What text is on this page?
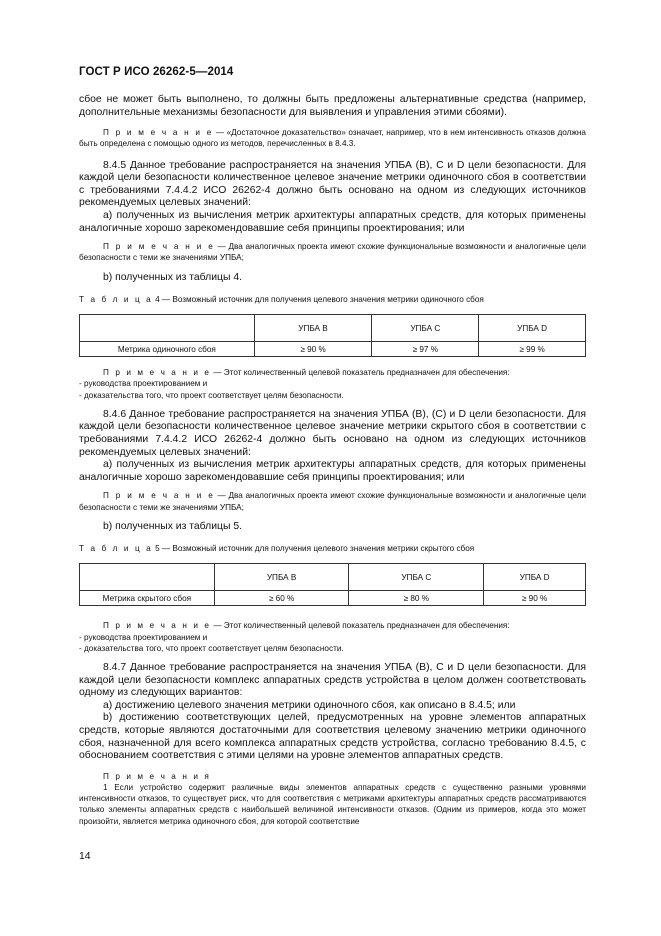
ГОСТ Р ИСО 26262-5—2014

сбое не может быть выполнено, то должны быть предложены альтернативные средства (например, дополнительные механизмы безопасности для выявления и управления этими сбоями).

П р и м е ч а н и е — «Достаточное доказательство» означает, например, что в нем интенсивность отказов должна быть определена с помощью одного из методов, перечисленных в 8.4.3.

8.4.5 Данное требование распространяется на значения УПБА (В), С и D цели безопасности. Для каждой цели безопасности количественное целевое значение метрики одиночного сбоя в соответствии с требованиями 7.4.4.2 ИСО 26262-4 должно быть основано на одном из следующих источников рекомендуемых целевых значений:

a) полученных из вычисления метрик архитектуры аппаратных средств, для которых применены аналогичные хорошо зарекомендовавшие себя принципы проектирования; или

П р и м е ч а н и е — Два аналогичных проекта имеют схожие функциональные возможности и аналогичные цели безопасности с теми же значениями УПБА;

b) полученных из таблицы 4.

Т а б л и ц а 4 — Возможный источник для получения целевого значения метрики одиночного сбоя
	УПБА В	УПБА С	УПБА D
Метрика одиночного сбоя	≥ 90 %	≥ 97 %	≥ 99 %

П р и м е ч а н и е — Этот количественный целевой показатель предназначен для обеспечения:

- руководства проектированием и

- доказательства того, что проект соответствует целям безопасности.

8.4.6 Данное требование распространяется на значения УПБА (В), (С) и D цели безопасности. Для каждой цели безопасности количественное целевое значение метрики скрытого сбоя в соответствии с требованиями 7.4.4.2 ИСО 26262-4 должно быть основано на одном из следующих источников рекомендуемых целевых значений:

a) полученных из вычисления метрик архитектуры аппаратных средств, для которых применены аналогичные хорошо зарекомендовавшие себя принципы проектирования; или

П р и м е ч а н и е — Два аналогичных проекта имеют схожие функциональные возможности и аналогичные цели безопасности с теми же значениями УПБА;

b) полученных из таблицы 5.

Т а б л и ц а 5 — Возможный источник для получения целевого значения метрики скрытого сбоя
	УПБА В	УПБА С	УПБА D
Метрика скрытого сбоя	≥ 60 %	≥ 80 %	≥ 90 %

П р и м е ч а н и е — Этот количественный целевой показатель предназначен для обеспечения:

- руководства проектированием и

- доказательства того, что проект соответствует целям безопасности.

8.4.7 Данное требование распространяется на значения УПБА (В), С и D цели безопасности. Для каждой цели безопасности комплекс аппаратных средств устройства в целом должен соответствовать одному из следующих вариантов:

a) достижению целевого значения метрики одиночного сбоя, как описано в 8.4.5; или

b) достижению соответствующих целей, предусмотренных на уровне элементов аппаратных средств, которые являются достаточными для соответствия целевому значению метрики одиночного сбоя, назначенной для всего комплекса аппаратных средств устройства, согласно требованию 8.4.5, с обоснованием соответствия с этими целями на уровне элементов аппаратных средств.

П р и м е ч а н и я

1 Если устройство содержит различные виды элементов аппаратных средств с существенно разными уровнями интенсивности отказов, то существует риск, что для соответствия с метриками архитектуры аппаратных средств рассматриваются только элементы аппаратных средств с наибольшей величиной интенсивности отказов. (Одним из примеров, когда это может произойти, является метрика одиночного сбоя, для которой соответствие

14
